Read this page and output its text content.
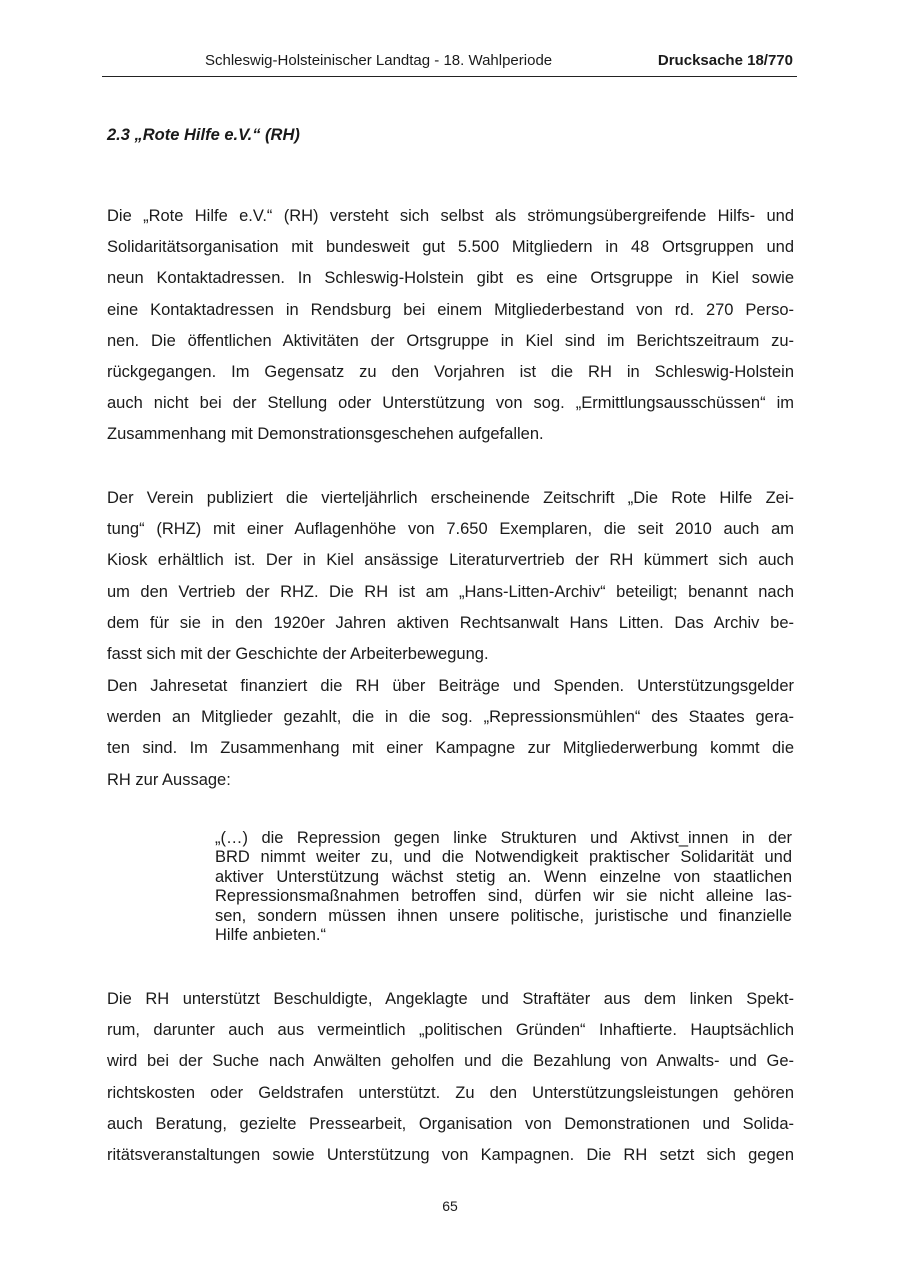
Schleswig-Holsteinischer Landtag - 18. Wahlperiode	Drucksache 18/770
2.3 „Rote Hilfe e.V.“ (RH)
Die „Rote Hilfe e.V.“ (RH) versteht sich selbst als strömungsübergreifende Hilfs- und
Solidaritätsorganisation mit bundesweit gut 5.500 Mitgliedern in 48 Ortsgruppen und
neun Kontaktadressen. In Schleswig-Holstein gibt es eine Ortsgruppe in Kiel sowie
eine Kontaktadressen in Rendsburg bei einem Mitgliederbestand von rd. 270 Perso-
nen. Die öffentlichen Aktivitäten der Ortsgruppe in Kiel sind im Berichtszeitraum zu-
rückgegangen. Im Gegensatz zu den Vorjahren ist die RH in Schleswig-Holstein
auch nicht bei der Stellung oder Unterstützung von sog. „Ermittlungsausschüssen“ im
Zusammenhang mit Demonstrationsgeschehen aufgefallen.
Der Verein publiziert die vierteljährlich erscheinende Zeitschrift „Die Rote Hilfe Zei-
tung“ (RHZ) mit einer Auflagenhöhe von 7.650 Exemplaren, die seit 2010 auch am
Kiosk erhältlich ist. Der in Kiel ansässige Literaturvertrieb der RH kümmert sich auch
um den Vertrieb der RHZ. Die RH ist am „Hans-Litten-Archiv“ beteiligt; benannt nach
dem für sie in den 1920er Jahren aktiven Rechtsanwalt Hans Litten. Das Archiv be-
fasst sich mit der Geschichte der Arbeiterbewegung.
Den Jahresetat finanziert die RH über Beiträge und Spenden. Unterstützungsgelder
werden an Mitglieder gezahlt, die in die sog. „Repressionsmühlen“ des Staates gera-
ten sind. Im Zusammenhang mit einer Kampagne zur Mitgliederwerbung kommt die
RH zur Aussage:
„(…) die Repression gegen linke Strukturen und Aktivst_innen in der
BRD nimmt weiter zu, und die Notwendigkeit praktischer Solidarität und
aktiver Unterstützung wächst stetig an. Wenn einzelne von staatlichen
Repressionsmaßnahmen betroffen sind, dürfen wir sie nicht alleine las-
sen, sondern müssen ihnen unsere politische, juristische und finanzielle
Hilfe anbieten.“
Die RH unterstützt Beschuldigte, Angeklagte und Straftäter aus dem linken Spekt-
rum, darunter auch aus vermeintlich „politischen Gründen“ Inhaftierte. Hauptsächlich
wird bei der Suche nach Anwälten geholfen und die Bezahlung von Anwalts- und Ge-
richtskosten oder Geldstrafen unterstützt. Zu den Unterstützungsleistungen gehören
auch Beratung, gezielte Pressearbeit, Organisation von Demonstrationen und Solida-
ritätsveranstaltungen sowie Unterstützung von Kampagnen. Die RH setzt sich gegen
65
